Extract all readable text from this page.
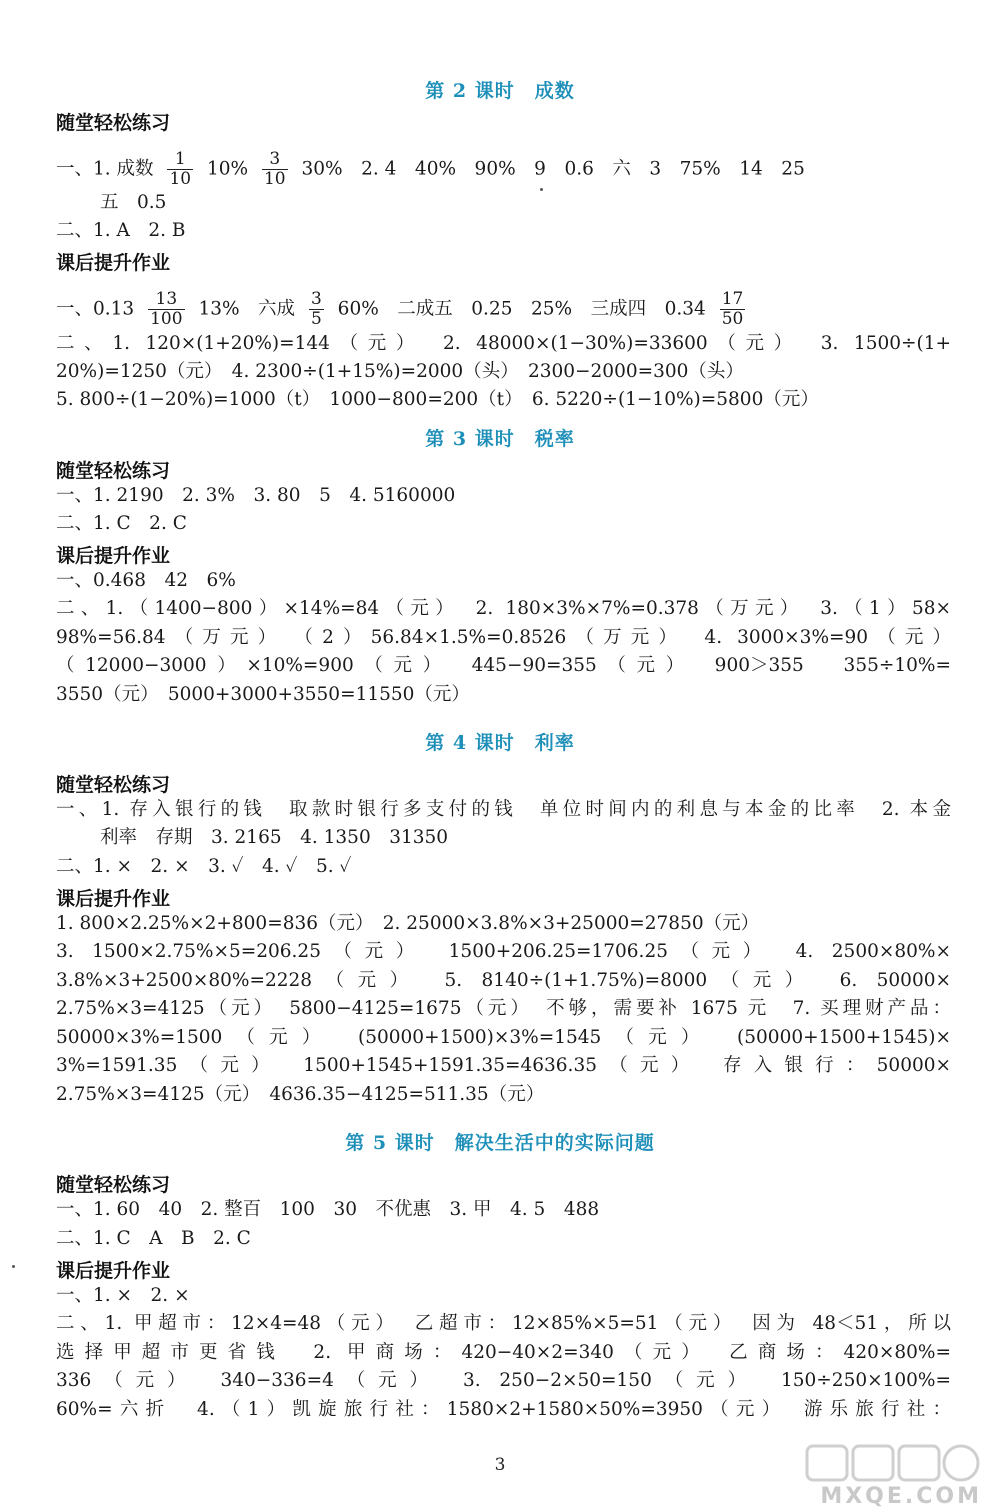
第 2 课时　成数
随堂轻松练习
一、1. 成数 $\frac{1}{10} 10\% \frac{3}{10} 30\%$　2. 4　40%　90%　9　0.6　六　3　75%　14　25
五　0.5
二、1. A　2. B
课后提升作业
一、$0.13 \frac{13}{100} 13\%$　六成 $\frac{3}{5} 60\%$　二成五　0.25　25%　三成四　$0.34 \frac{17}{50}$
二、1. 120×(1+20%)=144（元）　2. 48000×(1−30%)=33600（元）　3. 1500÷(1+
20%)=1250（元）　4. 2300÷(1+15%)=2000（头）　2300−2000=300（头）
5. 800÷(1−20%)=1000（t）　1000−800=200（t）　6. 5220÷(1−10%)=5800（元）
第 3 课时　税率
随堂轻松练习
一、1. 2190　2. 3%　3. 80　5　4. 5160000
二、1. C　2. C
课后提升作业
一、0.468　42　6%
二、1.（1400−800）×14%=84（元）　2. 180×3%×7%=0.378（万元）　3.（1）58×
98%=56.84（万元）　（2）56.84×1.5%=0.8526（万元）　4. 3000×3%=90（元）
（12000−3000）×10%=900（元）　445−90=355（元）　900＞355　355÷10%=
3550（元）　5000+3000+3550=11550（元）
第 4 课时　利率
随堂轻松练习
一、1. 存入银行的钱　取款时银行多支付的钱　单位时间内的利息与本金的比率　2. 本金
利率　存期　3. 2165　4. 1350　31350
二、1. ×　2. ×　3. ✓　4. ✓　5. ✓
课后提升作业
1. 800×2.25%×2+800=836（元）　2. 25000×3.8%×3+25000=27850（元）
3. 1500×2.75%×5=206.25（元）　1500+206.25=1706.25（元）　4. 2500×80%×
3.8%×3+2500×80%=2228（元）　5. 8140÷(1+1.75%)=8000（元）　6. 50000×
2.75%×3=4125（元）　5800−4125=1675（元）　不够，需要补 1675 元　7. 买理财产品：
50000×3%=1500（元）　(50000+1500)×3%=1545（元）　(50000+1500+1545)×
3%=1591.35（元）　1500+1545+1591.35=4636.35（元）　存入银行：50000×
2.75%×3=4125（元）　4636.35−4125=511.35（元）
第 5 课时　解决生活中的实际问题
随堂轻松练习
一、1. 60　40　2. 整百　100　30　不优惠　3. 甲　4. 5　488
二、1. C　A　B　2. C
课后提升作业
一、1. ×　2. ×
二、1. 甲超市：12×4=48（元）　乙超市：12×85%×5=51（元）　因为 48＜51，所以
选择甲超市更省钱　2. 甲商场：420−40×2=340（元）　乙商场：420×80%=
336（元）　340−336=4（元）　3. 250−2×50=150（元）　150÷250×100%=
60%=六折　4.（1）凯旋旅行社：1580×2+1580×50%=3950（元）　游乐旅行社：
3
MXQE.COM
